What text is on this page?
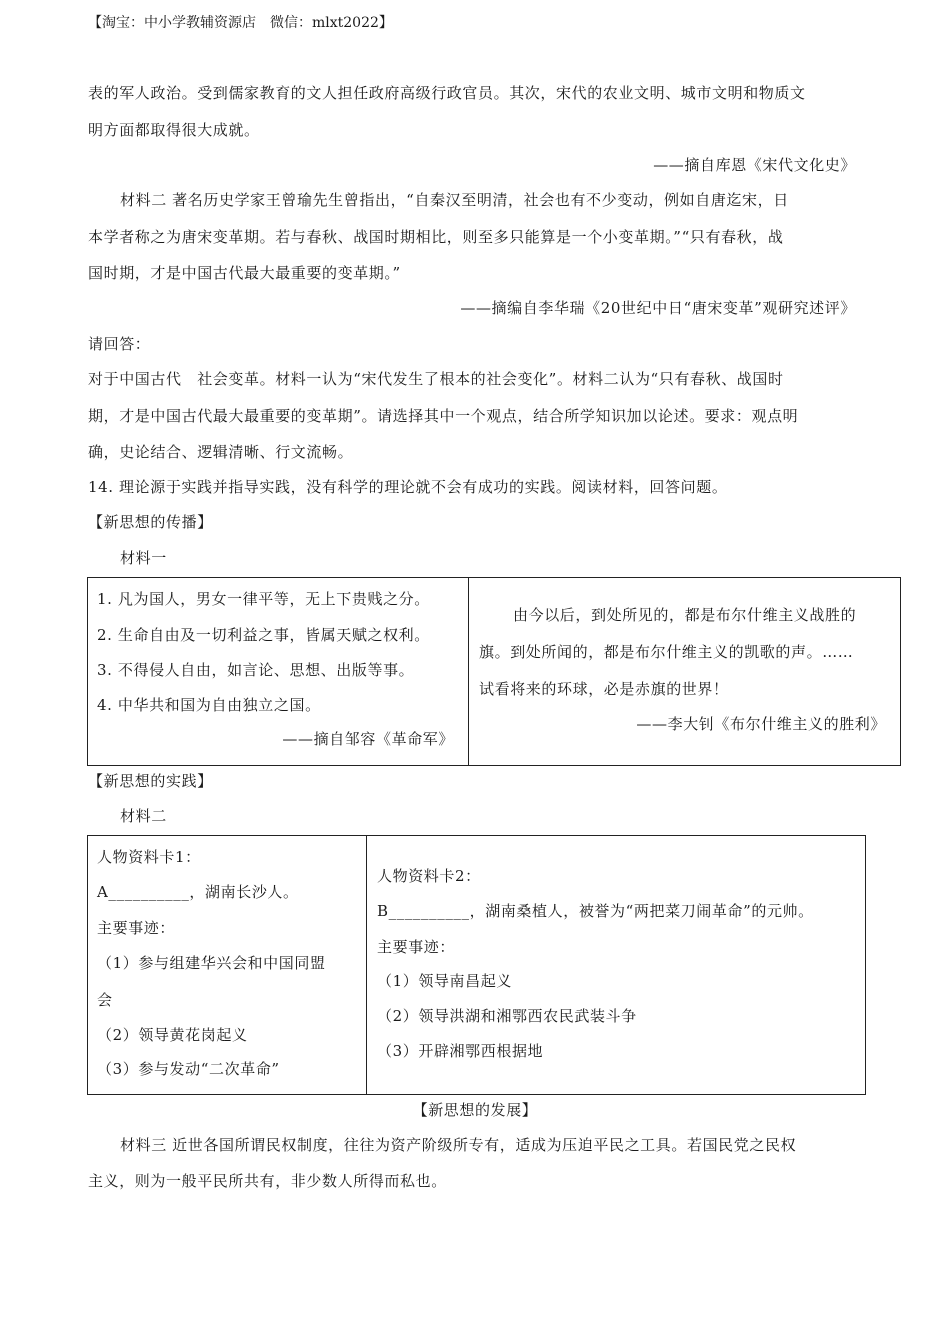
【淘宝：中小学教辅资源店　微信：mlxt2022】
表的军人政治。受到儒家教育的文人担任政府高级行政官员。其次，宋代的农业文明、城市文明和物质文
明方面都取得很大成就。
——摘自库恩《宋代文化史》
材料二 著名历史学家王曾瑜先生曾指出，“自秦汉至明清，社会也有不少变动，例如自唐迄宋，日
本学者称之为唐宋变革期。若与春秋、战国时期相比，则至多只能算是一个小变革期。”“只有春秋，战
国时期，才是中国古代最大最重要的变革期。”
——摘编自李华瑞《20世纪中日“唐宋变革”观研究述评》
请回答：
对于中国古代　社会变革。材料一认为“宋代发生了根本的社会变化”。材料二认为“只有春秋、战国时
期，才是中国古代最大最重要的变革期”。请选择其中一个观点，结合所学知识加以论述。要求：观点明
确，史论结合、逻辑清晰、行文流畅。
14. 理论源于实践并指导实践，没有科学的理论就不会有成功的实践。阅读材料，回答问题。
【新思想的传播】
材料一
1. 凡为国人，男女一律平等，无上下贵贱之分。
2. 生命自由及一切利益之事，皆属天赋之权利。
3. 不得侵人自由，如言论、思想、出版等事。
4. 中华共和国为自由独立之国。
——摘自邹容《革命军》
由今以后，到处所见的，都是布尔什维主义战胜的
旗。到处所闻的，都是布尔什维主义的凯歌的声。……
试看将来的环球，必是赤旗的世界！
——李大钊《布尔什维主义的胜利》
【新思想的实践】
材料二
人物资料卡1：
A__________，湖南长沙人。
主要事迹：
（1）参与组建华兴会和中国同盟
会
（2）领导黄花岗起义
（3）参与发动“二次革命”
人物资料卡2：
B__________，湖南桑植人，被誉为“两把菜刀闹革命”的元帅。
主要事迹：
（1）领导南昌起义
（2）领导洪湖和湘鄂西农民武装斗争
（3）开辟湘鄂西根据地
【新思想的发展】
材料三 近世各国所谓民权制度，往往为资产阶级所专有，适成为压迫平民之工具。若国民党之民权
主义，则为一般平民所共有，非少数人所得而私也。
